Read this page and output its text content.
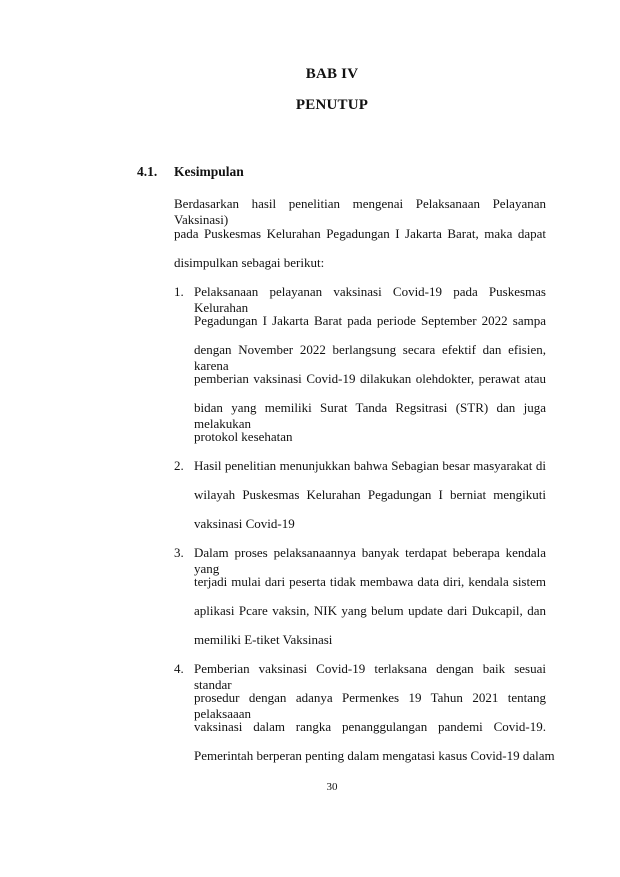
BAB IV
PENUTUP
4.1. Kesimpulan
Berdasarkan hasil penelitian mengenai Pelaksanaan Pelayanan Vaksinasi)
pada Puskesmas Kelurahan Pegadungan I Jakarta Barat, maka dapat
disimpulkan sebagai berikut:
1. Pelaksanaan pelayanan vaksinasi Covid-19 pada Puskesmas Kelurahan
Pegadungan I Jakarta Barat pada periode September 2022 sampa
dengan November 2022 berlangsung secara efektif dan efisien, karena
pemberian vaksinasi Covid-19 dilakukan olehdokter, perawat atau
bidan yang memiliki Surat Tanda Regsitrasi (STR) dan juga melakukan
protokol kesehatan
2. Hasil penelitian menunjukkan bahwa Sebagian besar masyarakat di
wilayah Puskesmas Kelurahan Pegadungan I berniat mengikuti
vaksinasi Covid-19
3. Dalam proses pelaksanaannya banyak terdapat beberapa kendala yang
terjadi mulai dari peserta tidak membawa data diri, kendala sistem
aplikasi Pcare vaksin, NIK yang belum update dari Dukcapil, dan
memiliki E-tiket Vaksinasi
4. Pemberian vaksinasi Covid-19 terlaksana dengan baik sesuai standar
prosedur dengan adanya Permenkes 19 Tahun 2021 tentang pelaksaaan
vaksinasi dalam rangka penanggulangan pandemi Covid-19.
Pemerintah berperan penting dalam mengatasi kasus Covid-19 dalam
30
